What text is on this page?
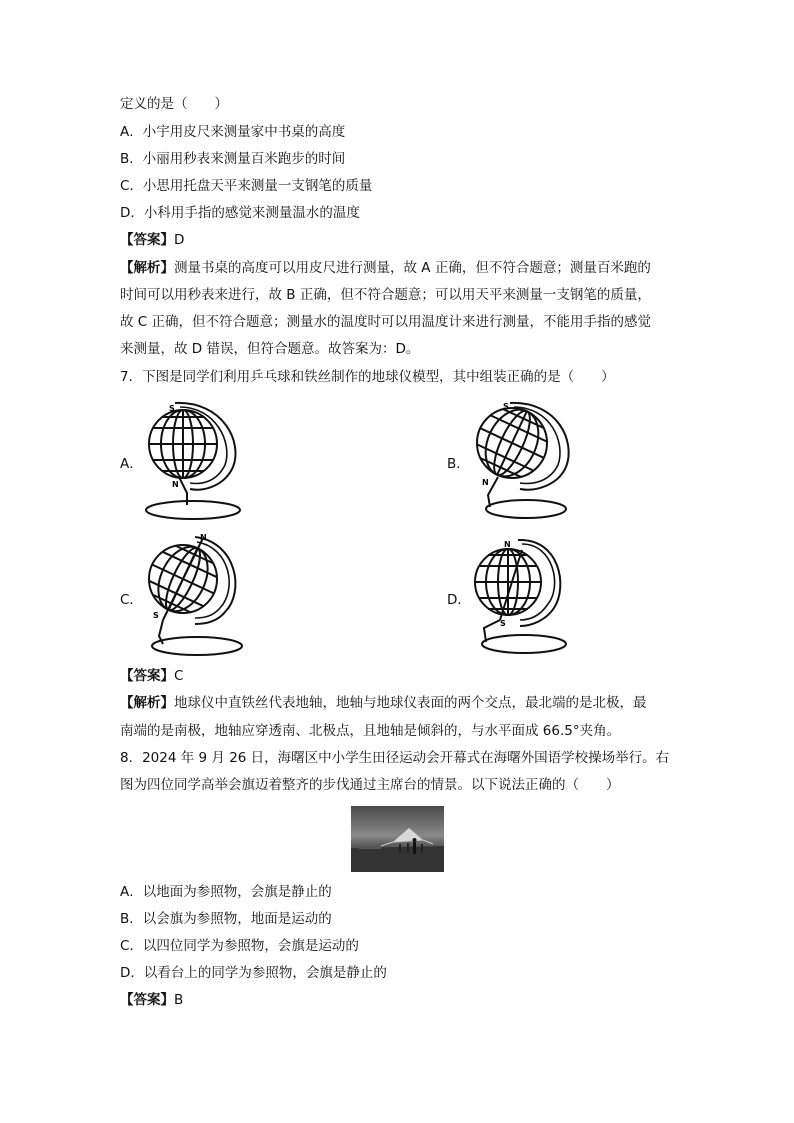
定义的是（　　）
A．小宇用皮尺来测量家中书桌的高度
B．小丽用秒表来测量百米跑步的时间
C．小思用托盘天平来测量一支钢笔的质量
D．小科用手指的感觉来测量温水的温度
【答案】D
【解析】测量书桌的高度可以用皮尺进行测量，故 A 正确，但不符合题意；测量百米跑的
时间可以用秒表来进行，故 B 正确，但不符合题意；可以用天平来测量一支钢笔的质量，
故 C 正确，但不符合题意；测量水的温度时可以用温度计来进行测量，不能用手指的感觉
来测量，故 D 错误，但符合题意。故答案为：D。
7．下图是同学们利用乒乓球和铁丝制作的地球仪模型，其中组装正确的是（　　）
A．
S
N
B．
S
N
C．
N
S
D．
N
S
【答案】C
【解析】地球仪中直铁丝代表地轴，地轴与地球仪表面的两个交点，最北端的是北极，最
南端的是南极，地轴应穿透南、北极点，且地轴是倾斜的，与水平面成 66.5°夹角。
8．2024 年 9 月 26 日，海曙区中小学生田径运动会开幕式在海曙外国语学校操场举行。右
图为四位同学高举会旗迈着整齐的步伐通过主席台的情景。以下说法正确的（　　）
A．以地面为参照物，会旗是静止的
B．以会旗为参照物，地面是运动的
C．以四位同学为参照物，会旗是运动的
D．以看台上的同学为参照物，会旗是静止的
【答案】B
